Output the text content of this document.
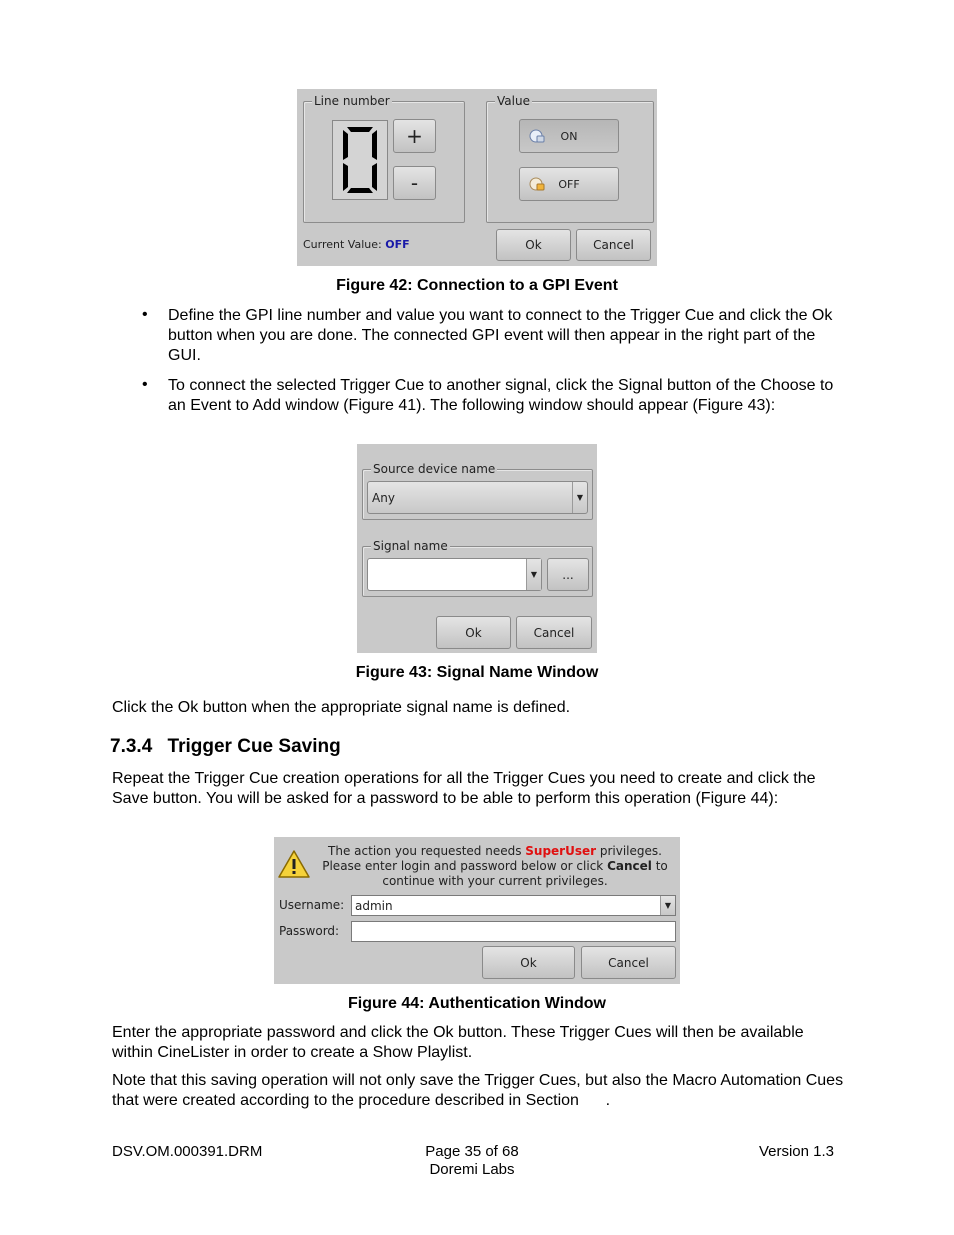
Line number
+
-
Value
ON
OFF
Current Value: OFF	Ok	Cancel
Figure 42: Connection to a GPI Event
• Define the GPI line number and value you want to connect to the Trigger Cue and click the Ok button when you are done. The connected GPI event will then appear in the right part of the GUI.
• To connect the selected Trigger Cue to another signal, click the Signal button of the Choose to an Event to Add window (Figure 41). The following window should appear (Figure 43):
Source device name
Any	▼
Signal name
▼	...
Ok	Cancel
Figure 43: Signal Name Window
Click the Ok button when the appropriate signal name is defined.
7.3.4 Trigger Cue Saving
Repeat the Trigger Cue creation operations for all the Trigger Cues you need to create and click the Save button. You will be asked for a password to be able to perform this operation (Figure 44):
The action you requested needs SuperUser privileges.
Please enter login and password below or click Cancel to
continue with your current privileges.
Username: admin	▼
Password:
Ok	Cancel
Figure 44: Authentication Window
Enter the appropriate password and click the Ok button. These Trigger Cues will then be available within CineLister in order to create a Show Playlist.
Note that this saving operation will not only save the Trigger Cues, but also the Macro Automation Cues that were created according to the procedure described in Section      .
DSV.OM.000391.DRM	Page 35 of 68
Doremi Labs
Version 1.3
